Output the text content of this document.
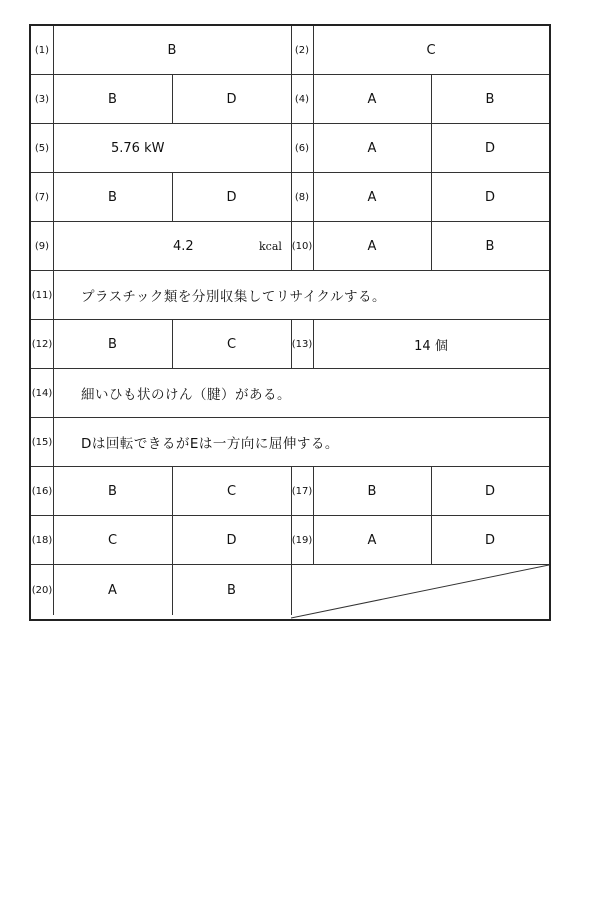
(1)	B	(2)	C
(3)	B	D	(4)	A	B
(5)	5.76 kW	(6)	A	D
(7)	B	D	(8)	A	D
(9)	4.2	kcal (10)	A	B
(11)	プラスチック類を分別収集してリサイクルする。
(12)	B	C	(13)	14 個
(14)	細いひも状のけん（腱）がある。
(15)	Dは回転できるがEは一方向に屈伸する。
(16)	B	C	(17)	B	D
(18)	C	D	(19)	A	D
(20)	A	B
